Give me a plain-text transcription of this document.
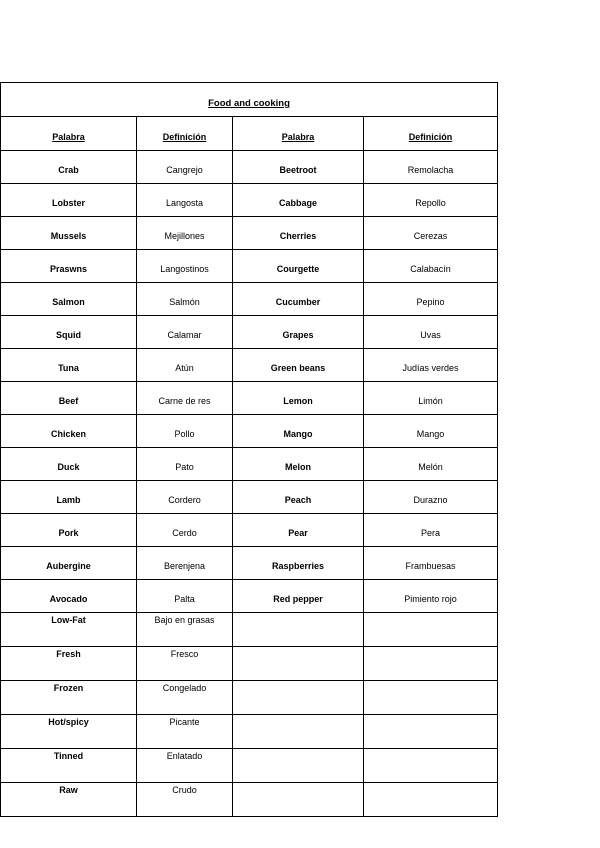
Food and cooking
Palabra	Definición	Palabra	Definición
Crab	Cangrejo	Beetroot	Remolacha
Lobster	Langosta	Cabbage	Repollo
Mussels	Mejillones	Cherries	Cerezas
Praswns	Langostinos	Courgette	Calabacín
Salmon	Salmón	Cucumber	Pepino
Squid	Calamar	Grapes	Uvas
Tuna	Atún	Green beans	Judías verdes
Beef	Carne de res	Lemon	Limón
Chicken	Pollo	Mango	Mango
Duck	Pato	Melon	Melón
Lamb	Cordero	Peach	Durazno
Pork	Cerdo	Pear	Pera
Aubergine	Berenjena	Raspberries	Frambuesas
Avocado	Palta	Red pepper	Pimiento rojo
Low-Fat	Bajo en grasas
Fresh	Fresco
Frozen	Congelado
Hot/spicy	Picante
Tinned	Enlatado
Raw	Crudo
